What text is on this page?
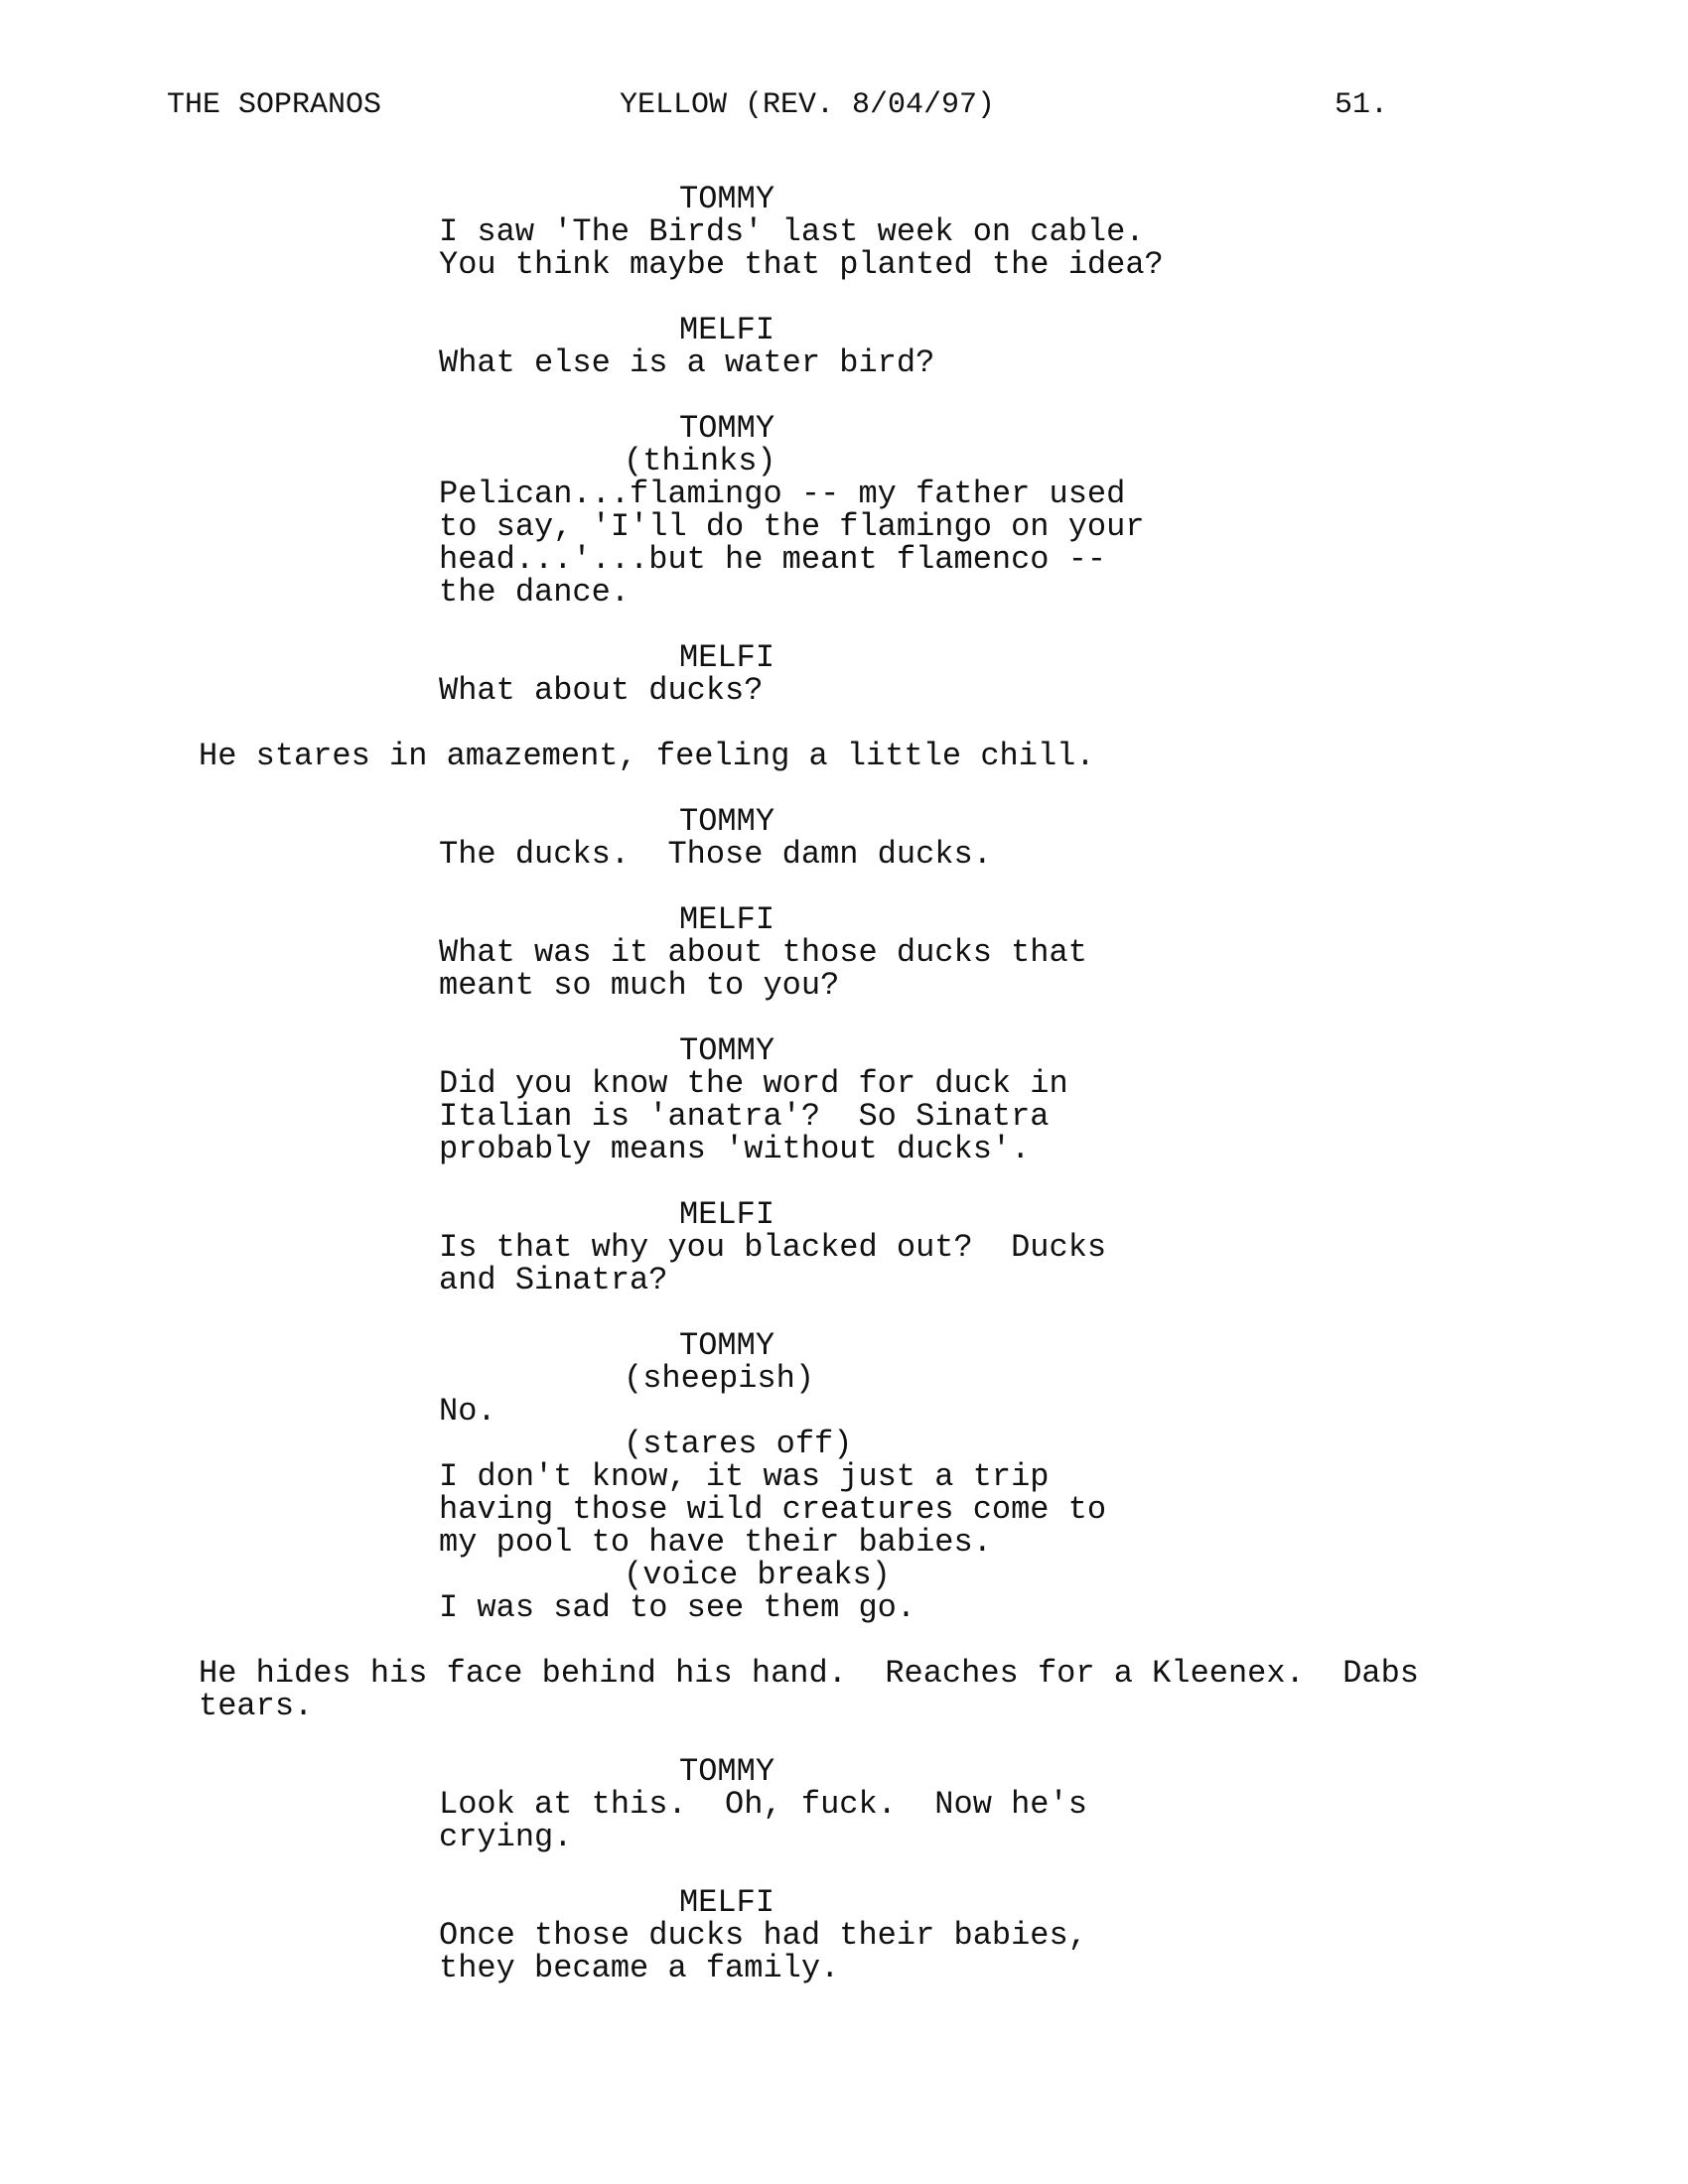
THE SOPRANOS	YELLOW (REV. 8/04/97)	51.
TOMMY
I saw 'The Birds' last week on cable.
You think maybe that planted the idea?
MELFI
What else is a water bird?
TOMMY
(thinks)
Pelican...flamingo -- my father used
to say, 'I'll do the flamingo on your
head...'...but he meant flamenco --
the dance.
MELFI
What about ducks?
He stares in amazement, feeling a little chill.
TOMMY
The ducks.  Those damn ducks.
MELFI
What was it about those ducks that
meant so much to you?
TOMMY
Did you know the word for duck in
Italian is 'anatra'?  So Sinatra
probably means 'without ducks'.
MELFI
Is that why you blacked out?  Ducks
and Sinatra?
TOMMY
(sheepish)
No.
(stares off)
I don't know, it was just a trip
having those wild creatures come to
my pool to have their babies.
(voice breaks)
I was sad to see them go.
He hides his face behind his hand.  Reaches for a Kleenex.  Dabs
tears.
TOMMY
Look at this.  Oh, fuck.  Now he's
crying.
MELFI
Once those ducks had their babies,
they became a family.
